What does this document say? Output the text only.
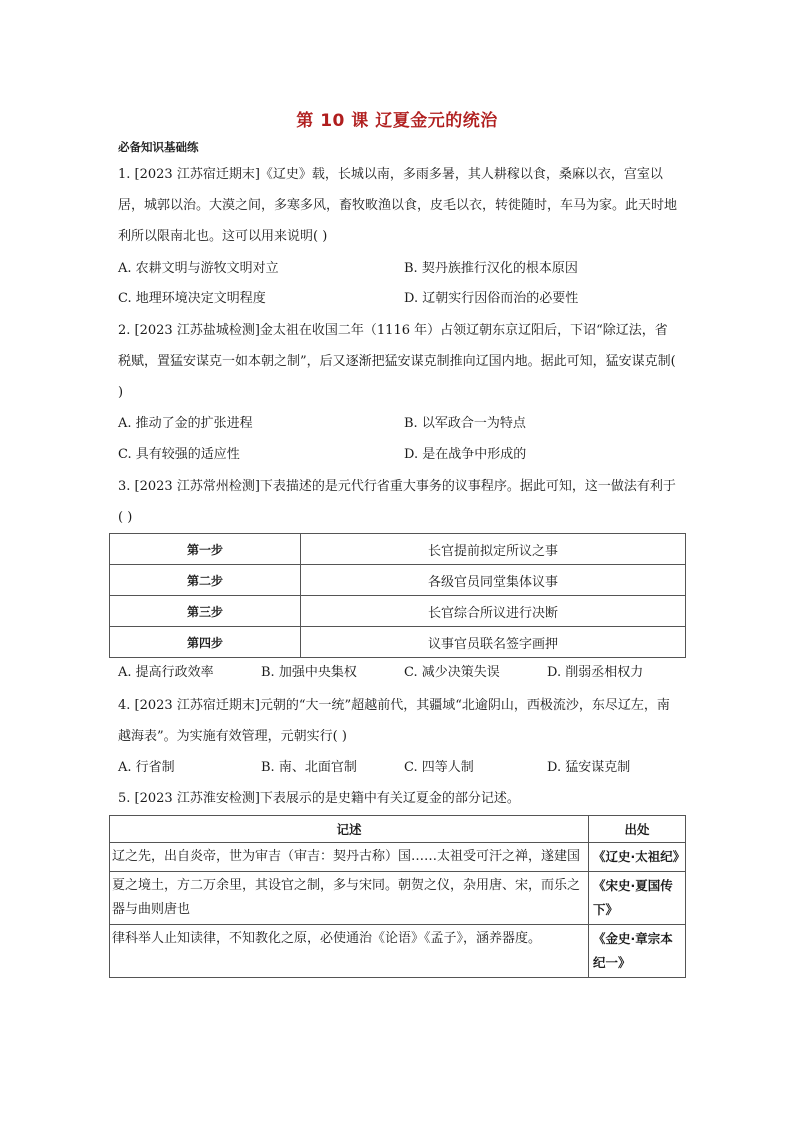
第 10 课 辽夏金元的统治
必备知识基础练
1. [2023 江苏宿迁期末]《辽史》载，长城以南，多雨多暑，其人耕稼以食，桑麻以衣，宫室以居，城郭以治。大漠之间，多寒多风，畜牧畋渔以食，皮毛以衣，转徙随时，车马为家。此天时地利所以限南北也。这可以用来说明( )
A. 农耕文明与游牧文明对立	B. 契丹族推行汉化的根本原因
C. 地理环境决定文明程度	D. 辽朝实行因俗而治的必要性
2. [2023 江苏盐城检测]金太祖在收国二年（1116 年）占领辽朝东京辽阳后，下诏“除辽法，省税赋，置猛安谋克一如本朝之制”，后又逐渐把猛安谋克制推向辽国内地。据此可知，猛安谋克制( )
A. 推动了金的扩张进程	B. 以军政合一为特点
C. 具有较强的适应性	D. 是在战争中形成的
3. [2023 江苏常州检测]下表描述的是元代行省重大事务的议事程序。据此可知，这一做法有利于( )
第一步	长官提前拟定所议之事
第二步	各级官员同堂集体议事
第三步	长官综合所议进行决断
第四步	议事官员联名签字画押
A. 提高行政效率	B. 加强中央集权	C. 减少决策失误	D. 削弱丞相权力
4. [2023 江苏宿迁期末]元朝的“大一统”超越前代，其疆域“北逾阴山，西极流沙，东尽辽左，南越海表”。为实施有效管理，元朝实行( )
A. 行省制	B. 南、北面官制	C. 四等人制	D. 猛安谋克制
5. [2023 江苏淮安检测]下表展示的是史籍中有关辽夏金的部分记述。
记述	出处
辽之先，出自炎帝，世为审吉（审吉：契丹古称）国……太祖受可汗之禅，遂建国	《辽史·太祖纪》
夏之境土，方二万余里，其设官之制，多与宋同。朝贺之仪，杂用唐、宋，而乐之器与曲则唐也	《宋史·夏国传下》
律科举人止知读律，不知教化之原，必使通治《论语》《孟子》，涵养器度。	《金史·章宗本纪一》
